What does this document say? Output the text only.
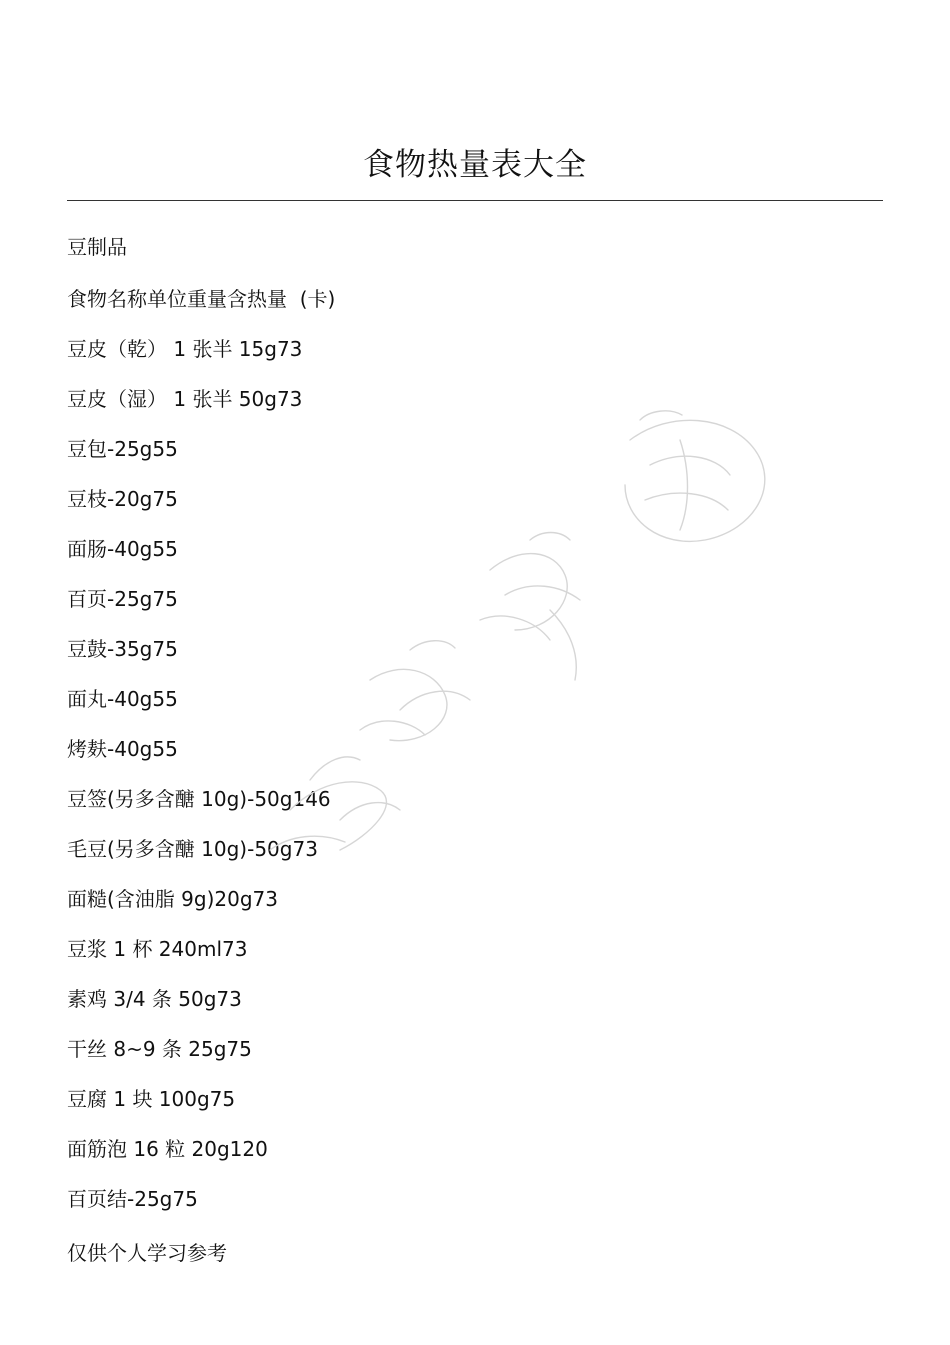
食物热量表大全
豆制品
食物名称单位重量含热量  (卡)
豆皮（乾） 1 张半 15g73
豆皮（湿） 1 张半 50g73
豆包-25g55
豆枝-20g75
面肠-40g55
百页-25g75
豆鼓-35g75
面丸-40g55
烤麸-40g55
豆签(另多含醣 10g)-50g146
毛豆(另多含醣 10g)-50g73
面糙(含油脂 9g)20g73
豆浆 1 杯 240ml73
素鸡 3/4 条 50g73
干丝 8~9 条 25g75
豆腐 1 块 100g75
面筋泡 16 粒 20g120
百页结-25g75
仅供个人学习参考
